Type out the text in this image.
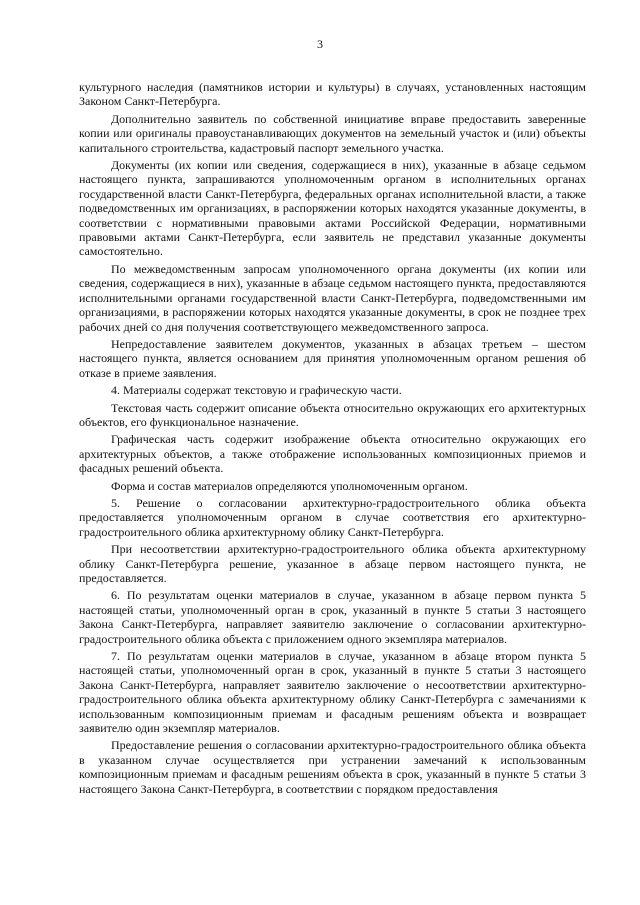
3

культурного наследия (памятников истории и культуры) в случаях, установленных настоящим Законом Санкт-Петербурга.

Дополнительно заявитель по собственной инициативе вправе предоставить заверенные копии или оригиналы правоустанавливающих документов на земельный участок и (или) объекты капитального строительства, кадастровый паспорт земельного участка.

Документы (их копии или сведения, содержащиеся в них), указанные в абзаце седьмом настоящего пункта, запрашиваются уполномоченным органом в исполнительных органах государственной власти Санкт-Петербурга, федеральных органах исполнительной власти, а также подведомственных им организациях, в распоряжении которых находятся указанные документы, в соответствии с нормативными правовыми актами Российской Федерации, нормативными правовыми актами Санкт-Петербурга, если заявитель не представил указанные документы самостоятельно.

По межведомственным запросам уполномоченного органа документы (их копии или сведения, содержащиеся в них), указанные в абзаце седьмом настоящего пункта, предоставляются исполнительными органами государственной власти Санкт-Петербурга, подведомственными им организациями, в распоряжении которых находятся указанные документы, в срок не позднее трех рабочих дней со дня получения соответствующего межведомственного запроса.

Непредоставление заявителем документов, указанных в абзацах третьем – шестом настоящего пункта, является основанием для принятия уполномоченным органом решения об отказе в приеме заявления.

4. Материалы содержат текстовую и графическую части.

Текстовая часть содержит описание объекта относительно окружающих его архитектурных объектов, его функциональное назначение.

Графическая часть содержит изображение объекта относительно окружающих его архитектурных объектов, а также отображение использованных композиционных приемов и фасадных решений объекта.

Форма и состав материалов определяются уполномоченным органом.

5. Решение о согласовании архитектурно-градостроительного облика объекта предоставляется уполномоченным органом в случае соответствия его архитектурно-градостроительного облика архитектурному облику Санкт-Петербурга.

При несоответствии архитектурно-градостроительного облика объекта архитектурному облику Санкт-Петербурга решение, указанное в абзаце первом настоящего пункта, не предоставляется.

6. По результатам оценки материалов в случае, указанном в абзаце первом пункта 5 настоящей статьи, уполномоченный орган в срок, указанный в пункте 5 статьи 3 настоящего Закона Санкт-Петербурга, направляет заявителю заключение о согласовании архитектурно-градостроительного облика объекта с приложением одного экземпляра материалов.

7. По результатам оценки материалов в случае, указанном в абзаце втором пункта 5 настоящей статьи, уполномоченный орган в срок, указанный в пункте 5 статьи 3 настоящего Закона Санкт-Петербурга, направляет заявителю заключение о несоответствии архитектурно-градостроительного облика объекта архитектурному облику Санкт-Петербурга с замечаниями к использованным композиционным приемам и фасадным решениям объекта и возвращает заявителю один экземпляр материалов.

Предоставление решения о согласовании архитектурно-градостроительного облика объекта в указанном случае осуществляется при устранении замечаний к использованным композиционным приемам и фасадным решениям объекта в срок, указанный в пункте 5 статьи 3 настоящего Закона Санкт-Петербурга, в соответствии с порядком предоставления
